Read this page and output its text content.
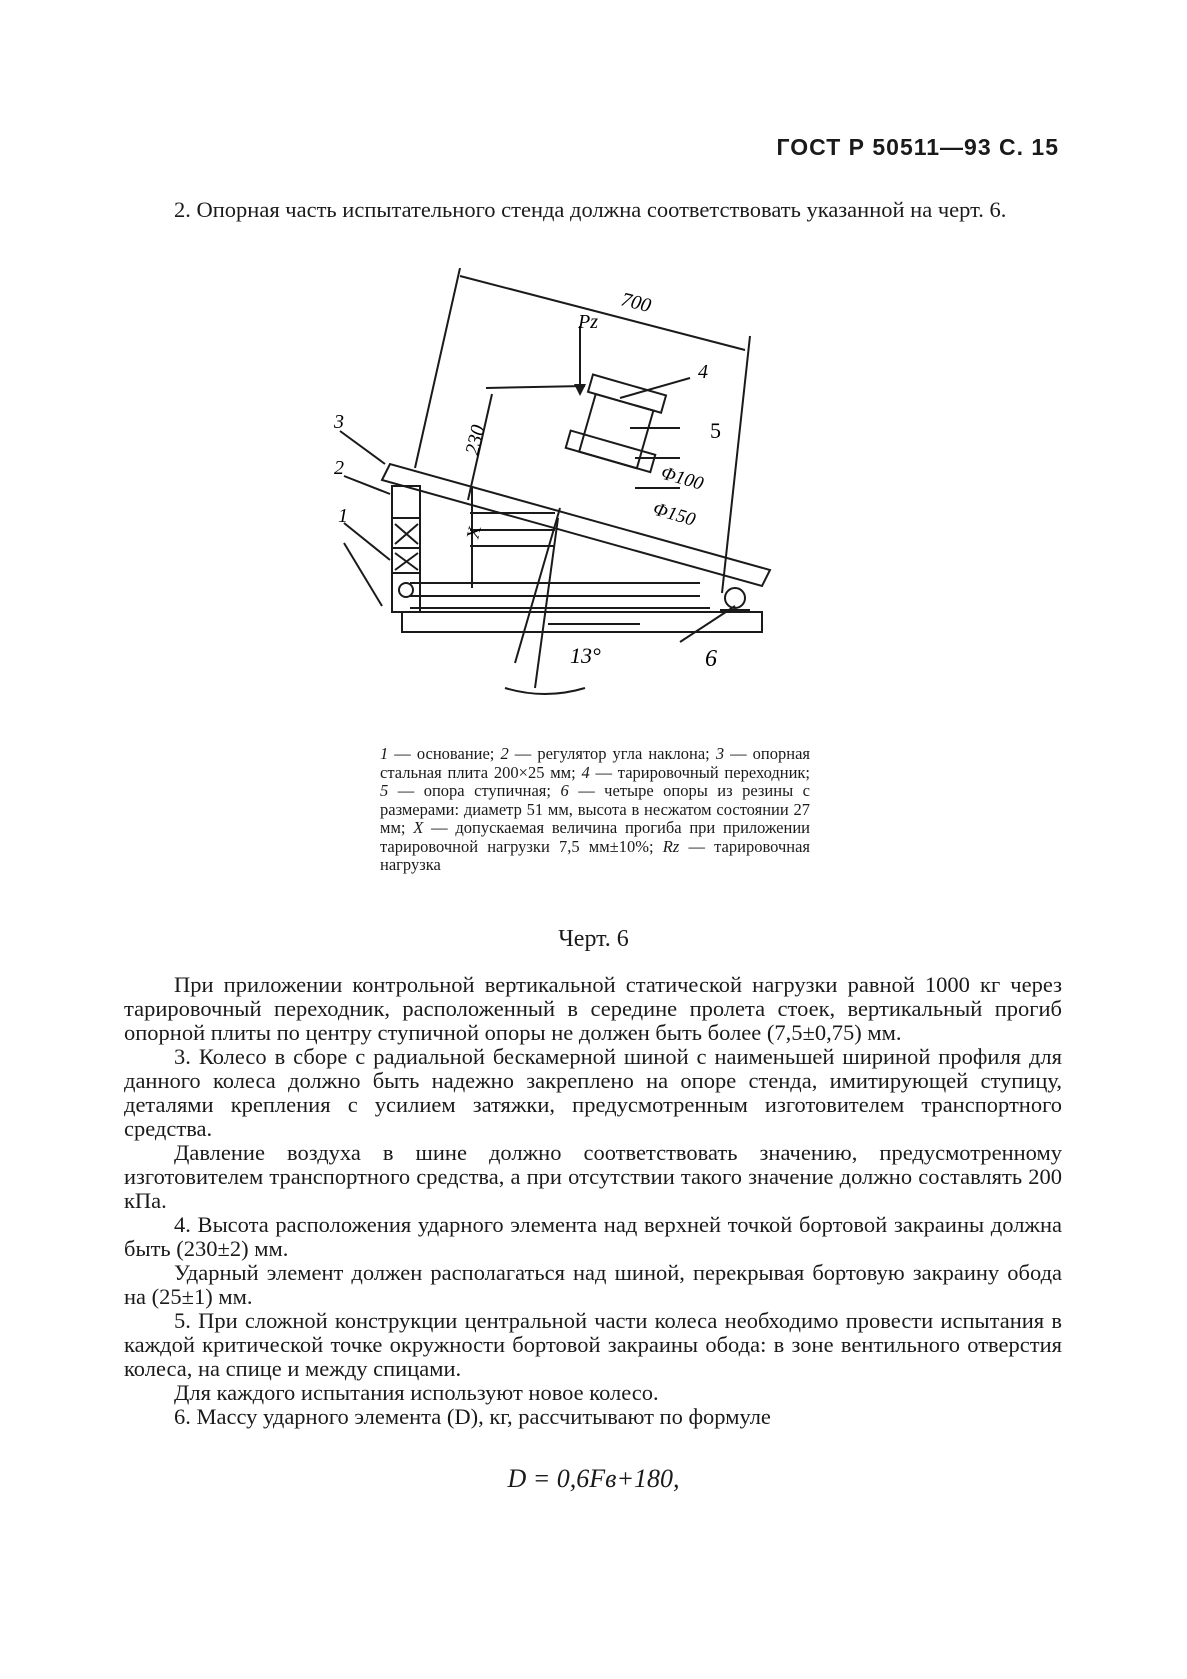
ГОСТ Р 50511—93 С. 15

2. Опорная часть испытательного стенда должна соответствовать указанной на черт. 6.

700
Pz
230
3
2
1
X
4
5
Φ100
Φ150
13°	6

1 — основание; 2 — регулятор угла наклона; 3 — опорная стальная плита 200×25 мм; 4 — тарировочный переходник; 5 — опора ступичная; 6 — четыре опоры из резины с размерами: диаметр 51 мм, высота в несжатом состоянии 27 мм; X — допускаемая величина прогиба при приложении тарировочной нагрузки 7,5 мм±10%; Rz — тарировочная нагрузка

Черт. 6

При приложении контрольной вертикальной статической нагрузки равной 1000 кг через тарировочный переходник, расположенный в середине пролета стоек, вертикальный прогиб опорной плиты по центру ступичной опоры не должен быть более (7,5±0,75) мм.

3. Колесо в сборе с радиальной бескамерной шиной с наименьшей шириной профиля для данного колеса должно быть надежно закреплено на опоре стенда, имитирующей ступицу, деталями крепления с усилием затяжки, предусмотренным изготовителем транспортного средства.

Давление воздуха в шине должно соответствовать значению, предусмотренному изготовителем транспортного средства, а при отсутствии такого значение должно составлять 200 кПа.

4. Высота расположения ударного элемента над верхней точкой бортовой закраины должна быть (230±2) мм.

Ударный элемент должен располагаться над шиной, перекрывая бортовую закраину обода на (25±1) мм.

5. При сложной конструкции центральной части колеса необходимо провести испытания в каждой критической точке окружности бортовой закраины обода: в зоне вентильного отверстия колеса, на спице и между спицами.

Для каждого испытания используют новое колесо.

6. Массу ударного элемента (D), кг, рассчитывают по формуле

D = 0,6Fв+180,
